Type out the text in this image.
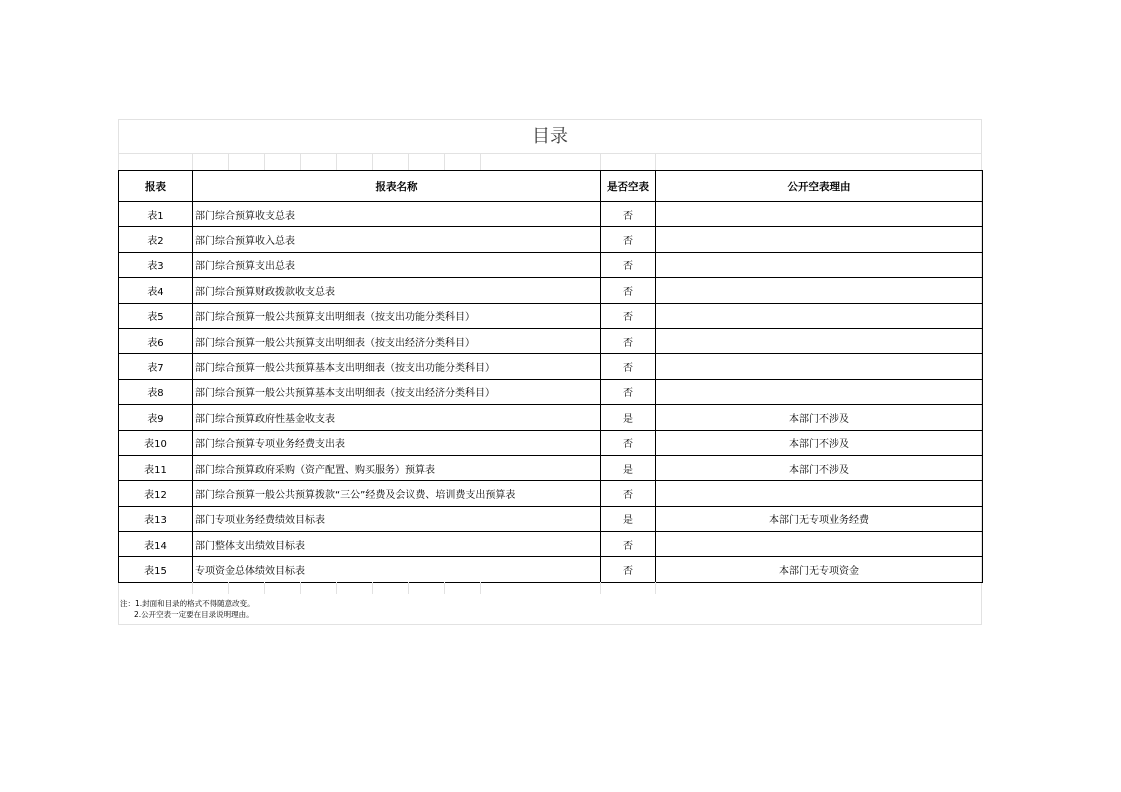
目录
报表	报表名称	是否空表	公开空表理由
表1	部门综合预算收支总表	否	
表2	部门综合预算收入总表	否	
表3	部门综合预算支出总表	否	
表4	部门综合预算财政拨款收支总表	否	
表5	部门综合预算一般公共预算支出明细表（按支出功能分类科目）	否	
表6	部门综合预算一般公共预算支出明细表（按支出经济分类科目）	否	
表7	部门综合预算一般公共预算基本支出明细表（按支出功能分类科目）	否	
表8	部门综合预算一般公共预算基本支出明细表（按支出经济分类科目）	否	
表9	部门综合预算政府性基金收支表	是	本部门不涉及
表10	部门综合预算专项业务经费支出表	否	本部门不涉及
表11	部门综合预算政府采购（资产配置、购买服务）预算表	是	本部门不涉及
表12	部门综合预算一般公共预算拨款“三公”经费及会议费、培训费支出预算表	否	
表13	部门专项业务经费绩效目标表	是	本部门无专项业务经费
表14	部门整体支出绩效目标表	否	
表15	专项资金总体绩效目标表	否	本部门无专项资金
注：1.封面和目录的格式不得随意改变。
2.公开空表一定要在目录说明理由。
